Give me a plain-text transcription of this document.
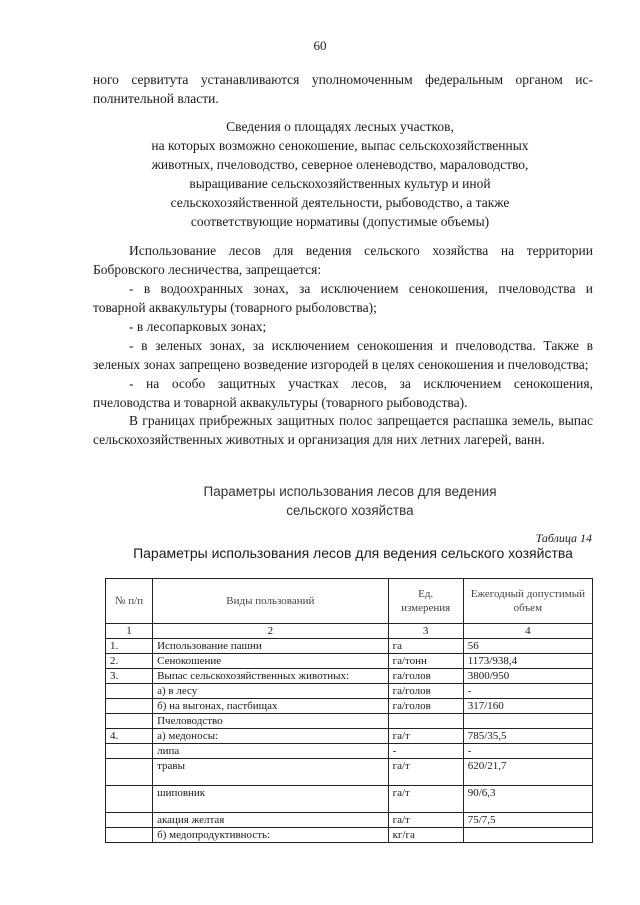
60

ного сервитута устанавливаются уполномоченным федеральным органом ис-полнительной власти.

Сведения о площадях лесных участков,
на которых возможно сенокошение, выпас сельскохозяйственных
животных, пчеловодство, северное оленеводство, мараловодство,
выращивание сельскохозяйственных культур и иной
сельскохозяйственной деятельности, рыбоводство, а также
соответствующие нормативы (допустимые объемы)

Использование лесов для ведения сельского хозяйства на территории Бобровского лесничества, запрещается:

- в водоохранных зонах, за исключением сенокошения, пчеловодства и товарной аквакультуры (товарного рыболовства);

- в лесопарковых зонах;

- в зеленых зонах, за исключением сенокошения и пчеловодства. Также в зеленых зонах запрещено возведение изгородей в целях сенокошения и пчеловодства;

- на особо защитных участках лесов, за исключением сенокошения, пчеловодства и товарной аквакультуры (товарного рыбоводства).

В границах прибрежных защитных полос запрещается распашка земель, выпас сельскохозяйственных животных и организация для них летних лагерей, ванн.

Параметры использования лесов для ведения
сельского хозяйства
Таблица 14
Параметры использования лесов для ведения сельского хозяйства
№ п/п	Виды пользований	Ед. измерения	Ежегодный допустимый объем
1	2	3	4
1.	Использование пашни	га	56
2.	Сенокошение	га/тонн	1173/938,4
3.	Выпас сельскохозяйственных животных:	га/голов	3800/950
	а) в лесу	га/голов	-
	б) на выгонах, пастбищах	га/голов	317/160
	Пчеловодство		
4.	а) медоносы:	га/т	785/35,5
	липа	-	-
	травы	га/т	620/21,7
	шиповник	га/т	90/6,3
	акация желтая	га/т	75/7,5
	б) медопродуктивность:	кг/га	
